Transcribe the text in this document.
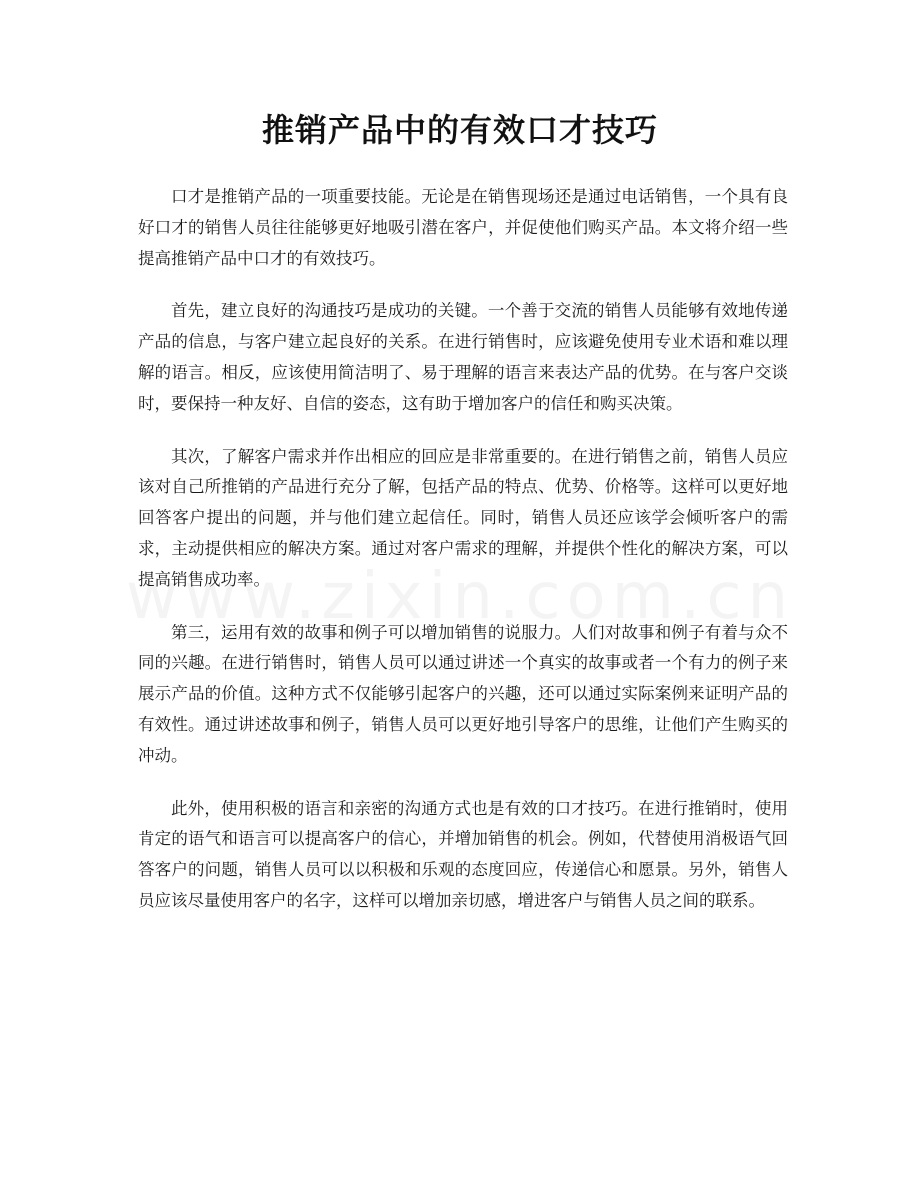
推销产品中的有效口才技巧

口才是推销产品的一项重要技能。无论是在销售现场还是通过电话销售，一个具有良好口才的销售人员往往能够更好地吸引潜在客户，并促使他们购买产品。本文将介绍一些提高推销产品中口才的有效技巧。

首先，建立良好的沟通技巧是成功的关键。一个善于交流的销售人员能够有效地传递产品的信息，与客户建立起良好的关系。在进行销售时，应该避免使用专业术语和难以理解的语言。相反，应该使用简洁明了、易于理解的语言来表达产品的优势。在与客户交谈时，要保持一种友好、自信的姿态，这有助于增加客户的信任和购买决策。

其次，了解客户需求并作出相应的回应是非常重要的。在进行销售之前，销售人员应该对自己所推销的产品进行充分了解，包括产品的特点、优势、价格等。这样可以更好地回答客户提出的问题，并与他们建立起信任。同时，销售人员还应该学会倾听客户的需求，主动提供相应的解决方案。通过对客户需求的理解，并提供个性化的解决方案，可以提高销售成功率。

第三，运用有效的故事和例子可以增加销售的说服力。人们对故事和例子有着与众不同的兴趣。在进行销售时，销售人员可以通过讲述一个真实的故事或者一个有力的例子来展示产品的价值。这种方式不仅能够引起客户的兴趣，还可以通过实际案例来证明产品的有效性。通过讲述故事和例子，销售人员可以更好地引导客户的思维，让他们产生购买的冲动。

此外，使用积极的语言和亲密的沟通方式也是有效的口才技巧。在进行推销时，使用肯定的语气和语言可以提高客户的信心，并增加销售的机会。例如，代替使用消极语气回答客户的问题，销售人员可以以积极和乐观的态度回应，传递信心和愿景。另外，销售人员应该尽量使用客户的名字，这样可以增加亲切感，增进客户与销售人员之间的联系。
